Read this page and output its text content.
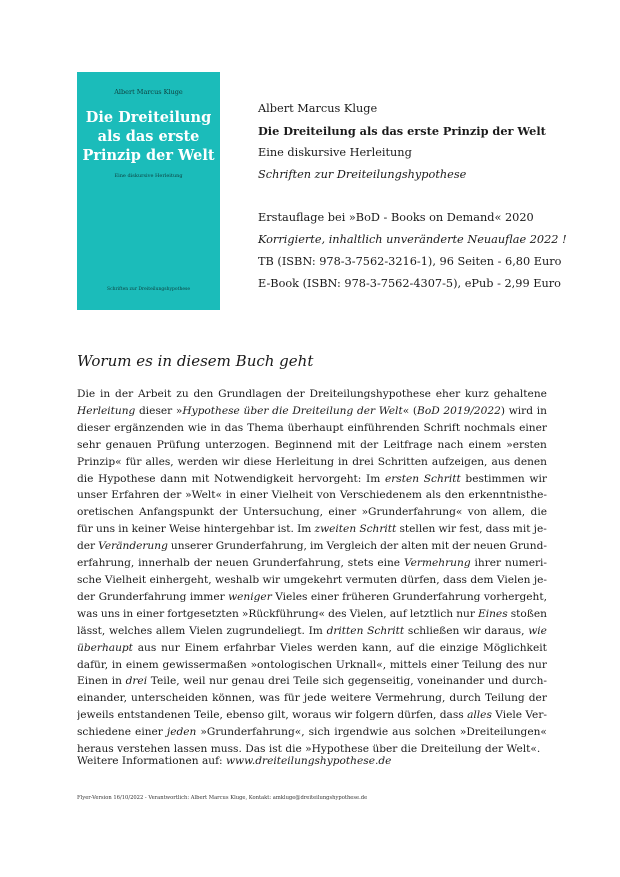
Albert Marcus Kluge
Die Dreiteilung
als das erste
Prinzip der Welt
Eine diskursive Herleitung
Schriften zur Dreiteilungshypothese
Albert Marcus Kluge
Die Dreiteilung als das erste Prinzip der Welt
Eine diskursive Herleitung
Schriften zur Dreiteilungshypothese
Erstauflage bei »BoD - Books on Demand« 2020
Korrigierte, inhaltlich unveränderte Neuauflae 2022 !
TB (ISBN: 978-3-7562-3216-1), 96 Seiten - 6,80 Euro
E-Book (ISBN: 978-3-7562-4307-5), ePub - 2,99 Euro
Worum es in diesem Buch geht
Die in der Arbeit zu den Grundlagen der Dreiteilungshypothese eher kurz gehaltene
Herleitung dieser »Hypothese über die Dreiteilung der Welt« (BoD 2019/2022) wird in
dieser ergänzenden wie in das Thema überhaupt einführenden Schrift nochmals einer
sehr genauen Prüfung unterzogen. Beginnend mit der Leitfrage nach einem »ersten
Prinzip« für alles, werden wir diese Herleitung in drei Schritten aufzeigen, aus denen
die Hypothese dann mit Notwendigkeit hervorgeht: Im ersten Schritt bestimmen wir
unser Erfahren der »Welt« in einer Vielheit von Verschiedenem als den erkenntnisthe-
oretischen Anfangspunkt der Untersuchung, einer »Grunderfahrung« von allem, die
für uns in keiner Weise hintergehbar ist. Im zweiten Schritt stellen wir fest, dass mit je-
der Veränderung unserer Grunderfahrung, im Vergleich der alten mit der neuen Grund-
erfahrung, innerhalb der neuen Grunderfahrung, stets eine Vermehrung ihrer numeri-
sche Vielheit einhergeht, weshalb wir umgekehrt vermuten dürfen, dass dem Vielen je-
der Grunderfahrung immer weniger Vieles einer früheren Grunderfahrung vorhergeht,
was uns in einer fortgesetzten »Rückführung« des Vielen, auf letztlich nur Eines stoßen
lässt, welches allem Vielen zugrundeliegt. Im dritten Schritt schließen wir daraus, wie
überhaupt aus nur Einem erfahrbar Vieles werden kann, auf die einzige Möglichkeit
dafür, in einem gewissermaßen »ontologischen Urknall«, mittels einer Teilung des nur
Einen in drei Teile, weil nur genau drei Teile sich gegenseitig, voneinander und durch-
einander, unterscheiden können, was für jede weitere Vermehrung, durch Teilung der
jeweils entstandenen Teile, ebenso gilt, woraus wir folgern dürfen, dass alles Viele Ver-
schiedene einer jeden »Grunderfahrung«, sich irgendwie aus solchen »Dreiteilungen«
heraus verstehen lassen muss. Das ist die »Hypothese über die Dreiteilung der Welt«.
Weitere Informationen auf: www.dreiteilungshypothese.de
Flyer-Version 16/10/2022 - Verantwortlich: Albert Marcus Kluge, Kontakt: amkluge@dreiteilungshypothese.de
